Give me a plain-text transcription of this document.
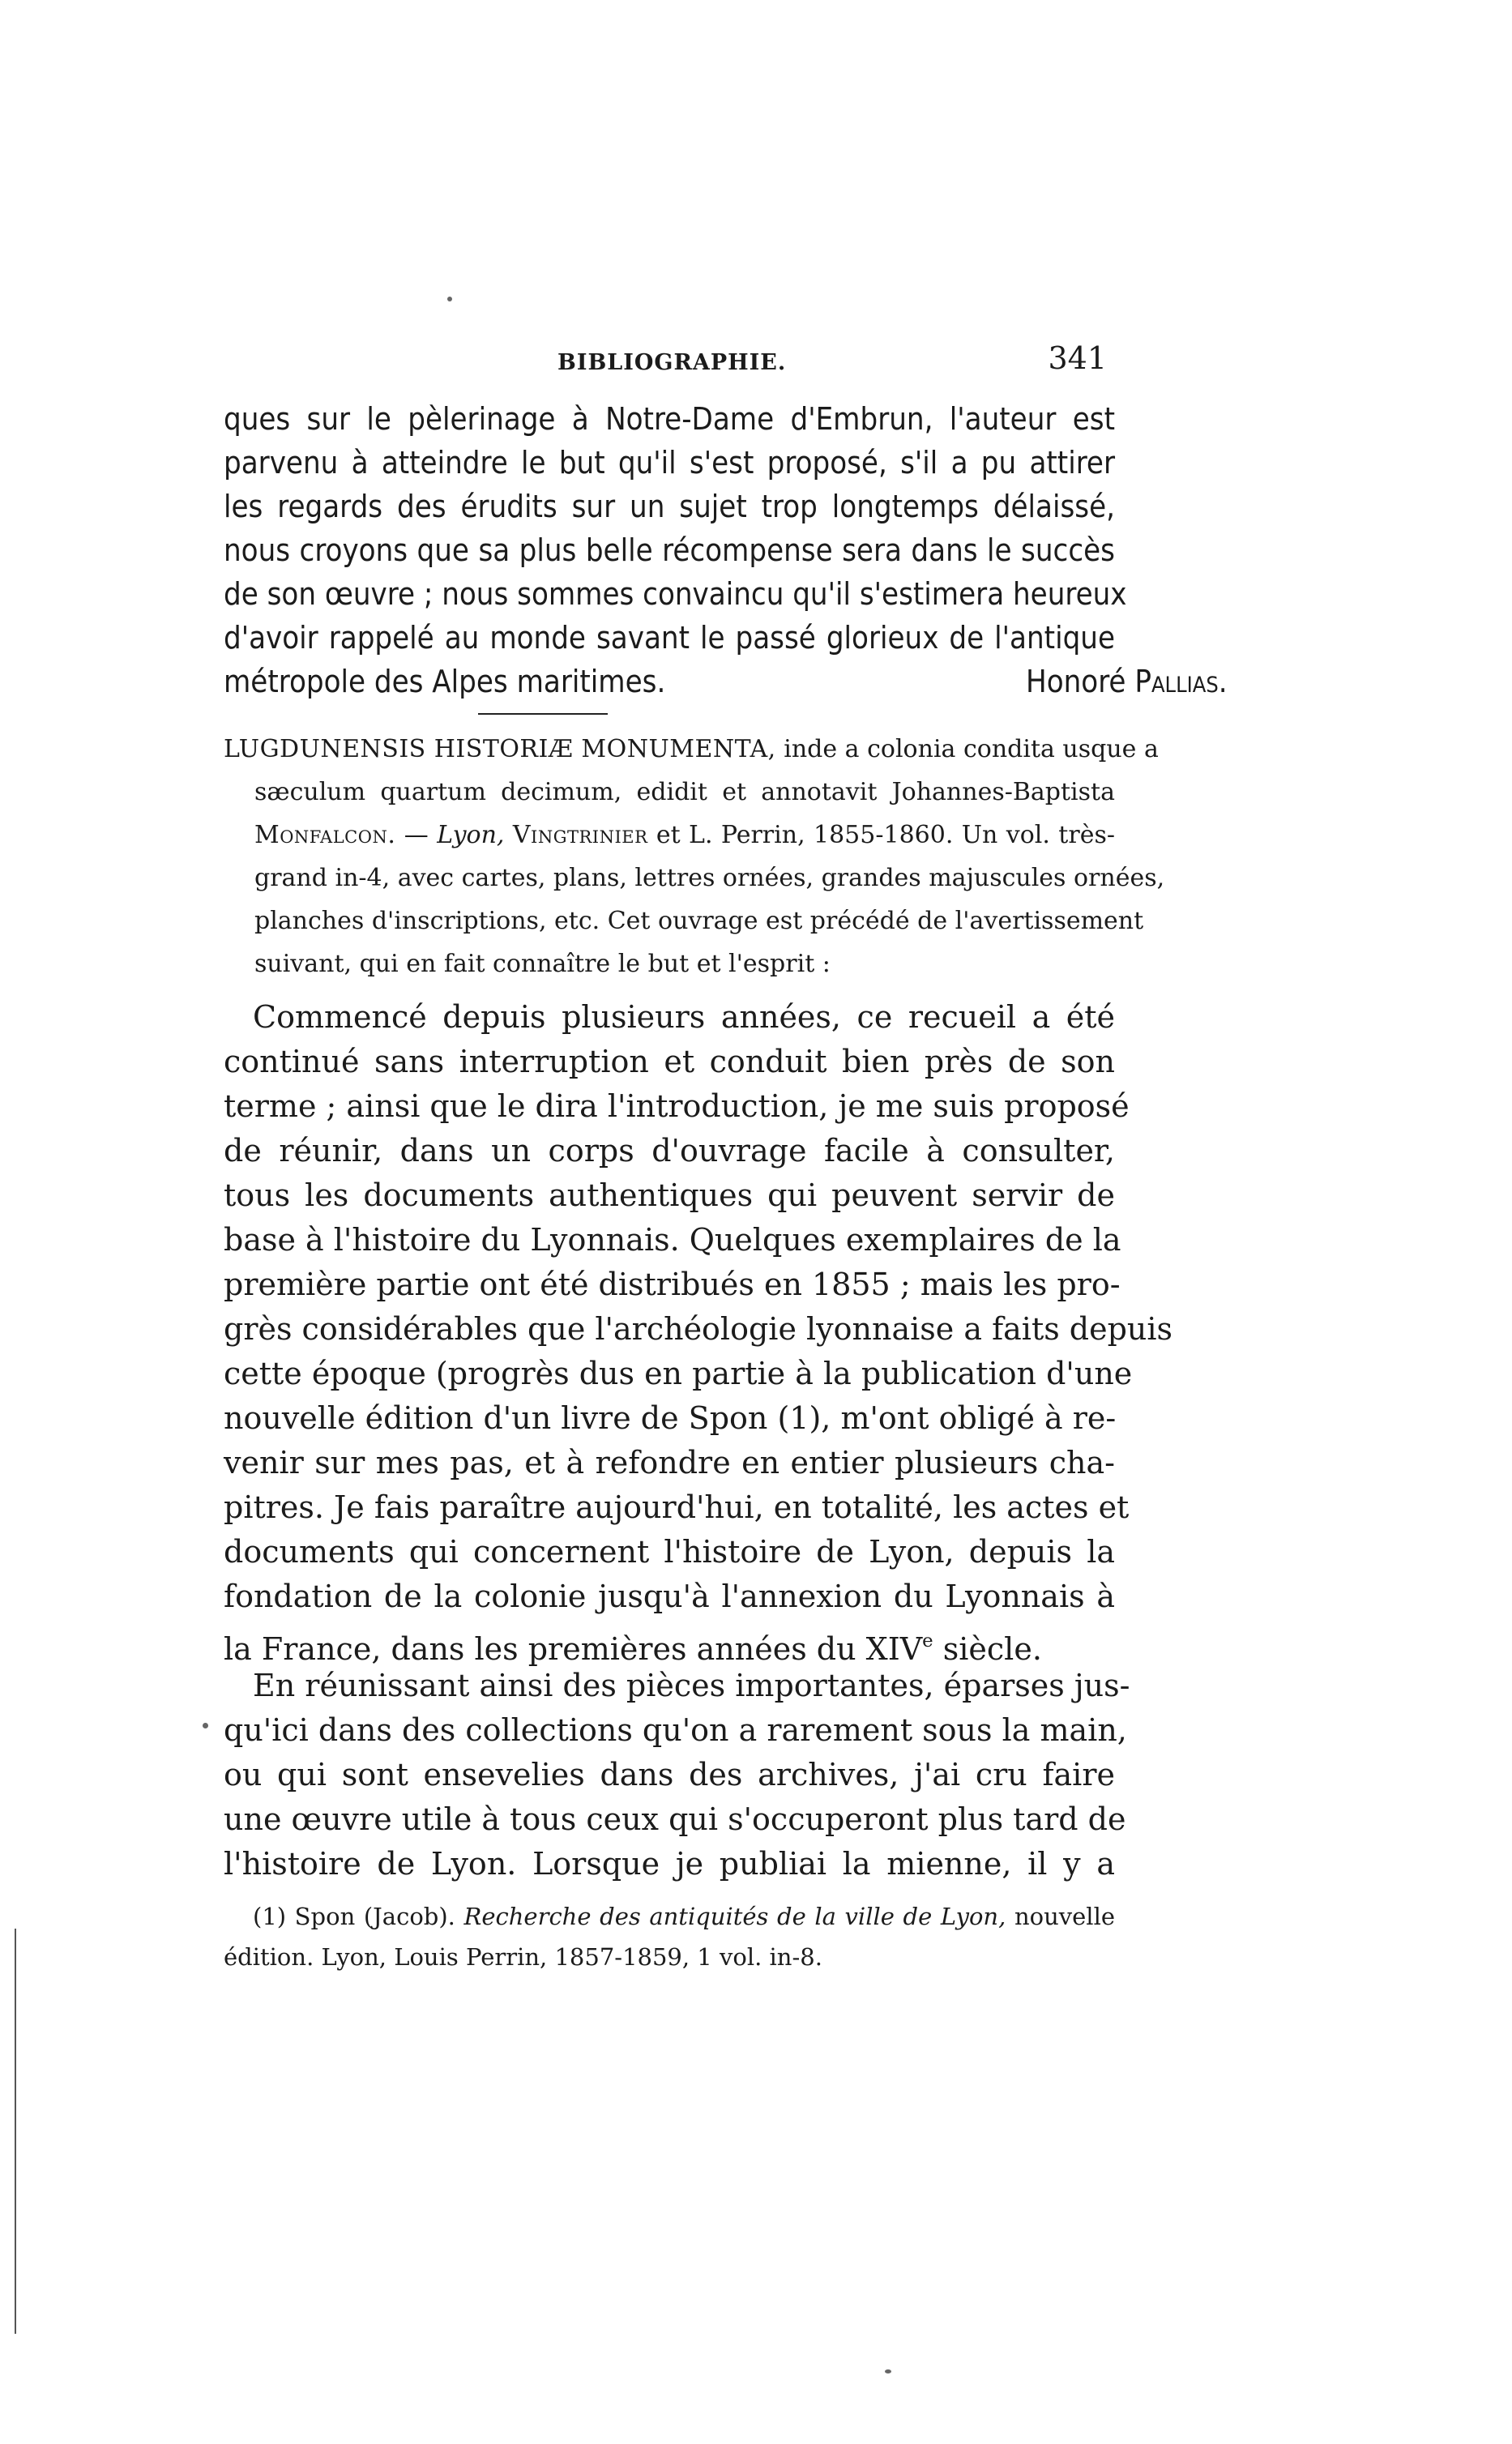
BIBLIOGRAPHIE.	341
ques sur le pèlerinage à Notre-Dame d'Embrun, l'auteur est
parvenu à atteindre le but qu'il s'est proposé, s'il a pu attirer
les regards des érudits sur un sujet trop longtemps délaissé,
nous croyons que sa plus belle récompense sera dans le succès
de son œuvre ; nous sommes convaincu qu'il s'estimera heureux
d'avoir rappelé au monde savant le passé glorieux de l'antique
métropole des Alpes maritimes.	Honoré Pallias.
LUGDUNENSIS HISTORIÆ MONUMENTA, inde a colonia condita usque a
sæculum quartum decimum, edidit et annotavit Johannes-Baptista
Monfalcon. — Lyon, Vingtrinier et L. Perrin, 1855-1860. Un vol. très-
grand in-4, avec cartes, plans, lettres ornées, grandes majuscules ornées,
planches d'inscriptions, etc. Cet ouvrage est précédé de l'avertissement
suivant, qui en fait connaître le but et l'esprit :
Commencé depuis plusieurs années, ce recueil a été
continué sans interruption et conduit bien près de son
terme ; ainsi que le dira l'introduction, je me suis proposé
de réunir, dans un corps d'ouvrage facile à consulter,
tous les documents authentiques qui peuvent servir de
base à l'histoire du Lyonnais. Quelques exemplaires de la
première partie ont été distribués en 1855 ; mais les pro-
grès considérables que l'archéologie lyonnaise a faits depuis
cette époque (progrès dus en partie à la publication d'une
nouvelle édition d'un livre de Spon (1), m'ont obligé à re-
venir sur mes pas, et à refondre en entier plusieurs cha-
pitres. Je fais paraître aujourd'hui, en totalité, les actes et
documents qui concernent l'histoire de Lyon, depuis la
fondation de la colonie jusqu'à l'annexion du Lyonnais à
la France, dans les premières années du XIVe siècle.
En réunissant ainsi des pièces importantes, éparses jus-
qu'ici dans des collections qu'on a rarement sous la main,
ou qui sont ensevelies dans des archives, j'ai cru faire
une œuvre utile à tous ceux qui s'occuperont plus tard de
l'histoire de Lyon. Lorsque je publiai la mienne, il y a
(1) Spon (Jacob). Recherche des antiquités de la ville de Lyon, nouvelle
édition. Lyon, Louis Perrin, 1857-1859, 1 vol. in-8.
